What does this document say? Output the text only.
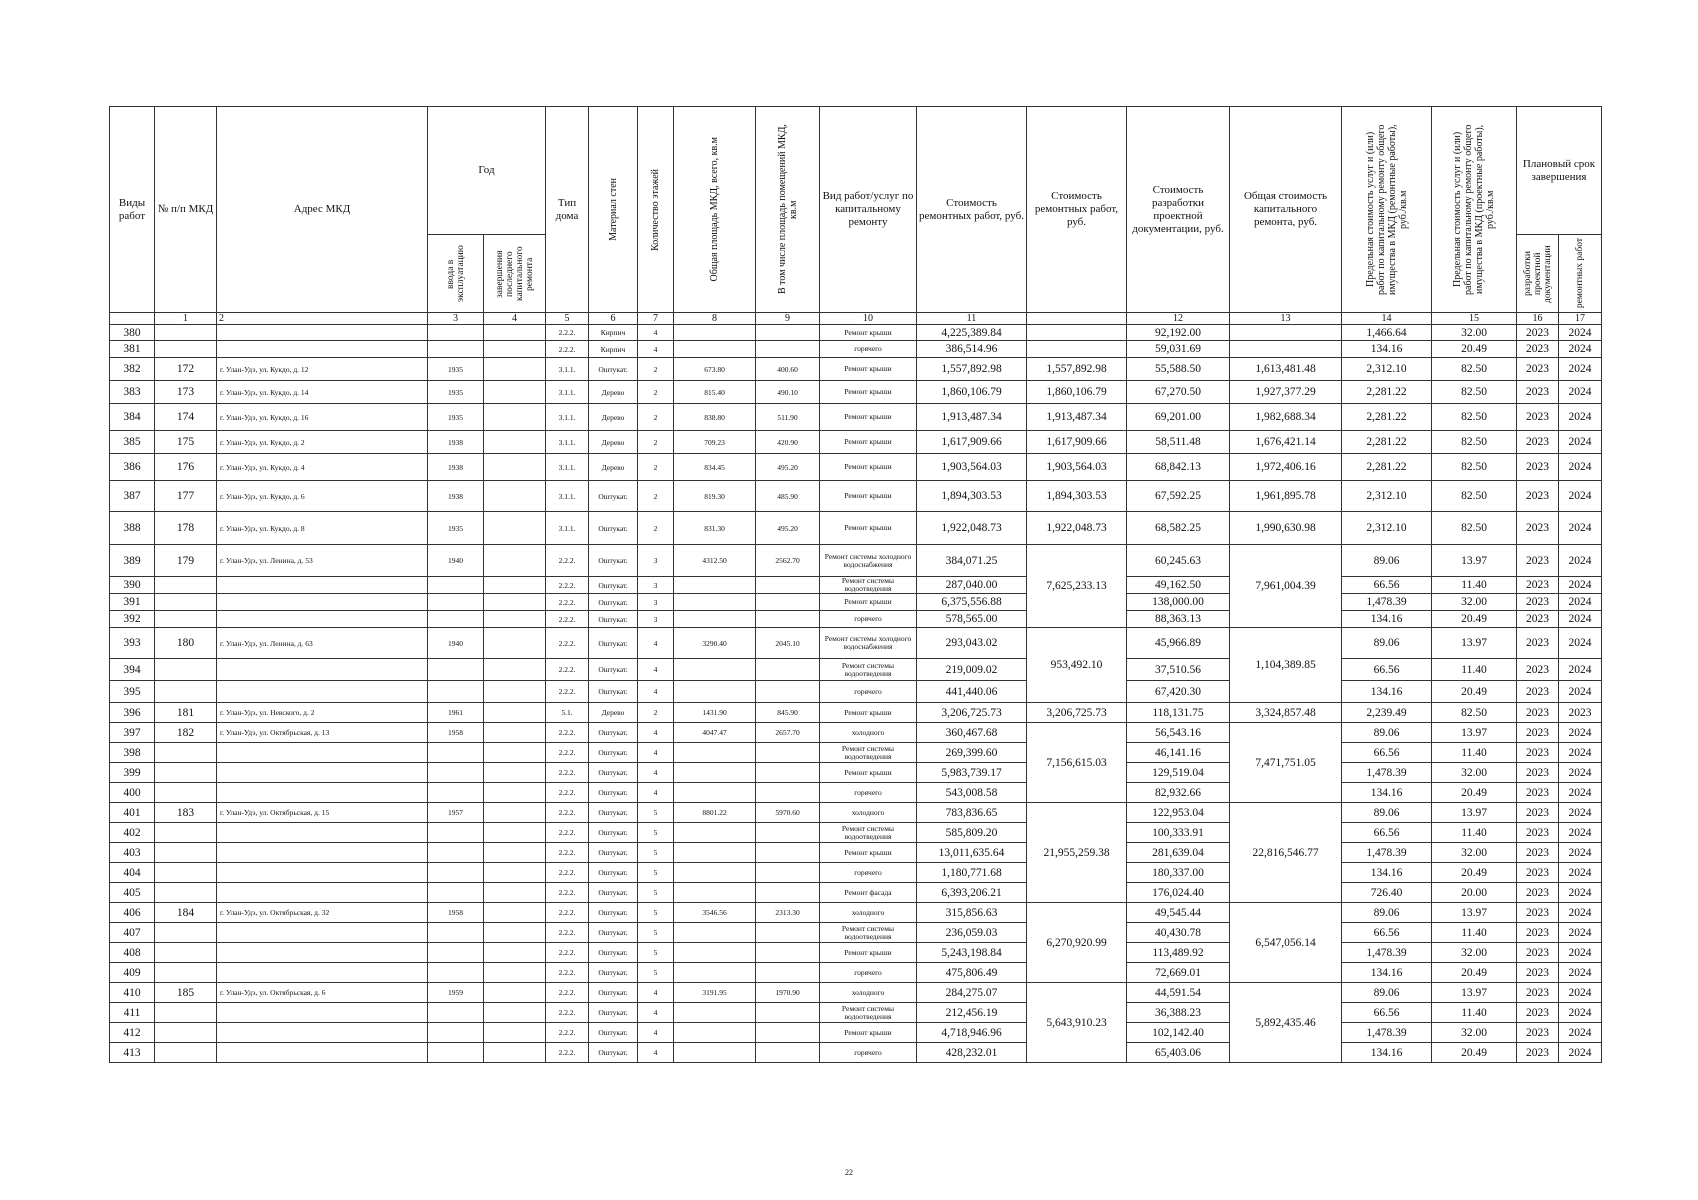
Виды работ	№ п/п МКД	Адрес МКД	Год		Тип дома	Материал стен	Количество этажей	Общая площадь МКД, всего, кв.м	В том числе площадь помещений МКД, кв.м	Вид работ/услуг по капитальному ремонту	Стоимость ремонтных работ, руб.	Стоимость ремонтных работ, руб.	Стоимость разработки проектной документации, руб.	Общая стоимость капитального ремонта, руб.	Предельная стоимость услуг и (или) работ по капитальному ремонту общего имущества в МКД (ремонтные работы), руб./кв.м	Предельная стоимость услуг и (или) работ по капитальному ремонту общего имущества в МКД (проектные работы), руб./кв.м	Плановый срок завершения	

			ввода в эксплуатацию	завершения последнего капитального ремонта													разработки проектной документации	ремонтных работ

	1	2	3	4	5	6	7	8	9	10	11		12	13	14	15	16	17
380					2.2.2.	Кирпич	4			Ремонт крыши	4,225,389.84		92,192.00		1,466.64	32.00	2023	2024
381					2.2.2.	Кирпич	4			горячего	386,514.96		59,031.69		134.16	20.49	2023	2024
382	172	г. Улан-Удэ, ул. Кукдо, д. 12	1935		3.1.1.	Оштукат.	2	673.80	400.60	Ремонт крыши	1,557,892.98	1,557,892.98	55,588.50	1,613,481.48	2,312.10	82.50	2023	2024
383	173	г. Улан-Удэ, ул. Кукдо, д. 14	1935		3.1.1.	Дерево	2	815.40	490.10	Ремонт крыши	1,860,106.79	1,860,106.79	67,270.50	1,927,377.29	2,281.22	82.50	2023	2024
384	174	г. Улан-Удэ, ул. Кукдо, д. 16	1935		3.1.1.	Дерево	2	838.80	511.90	Ремонт крыши	1,913,487.34	1,913,487.34	69,201.00	1,982,688.34	2,281.22	82.50	2023	2024
385	175	г. Улан-Удэ, ул. Кукдо, д. 2	1938		3.1.1.	Дерево	2	709.23	420.90	Ремонт крыши	1,617,909.66	1,617,909.66	58,511.48	1,676,421.14	2,281.22	82.50	2023	2024
386	176	г. Улан-Удэ, ул. Кукдо, д. 4	1938		3.1.1.	Дерево	2	834.45	495.20	Ремонт крыши	1,903,564.03	1,903,564.03	68,842.13	1,972,406.16	2,281.22	82.50	2023	2024
387	177	г. Улан-Удэ, ул. Кукдо, д. 6	1938		3.1.1.	Оштукат.	2	819.30	485.90	Ремонт крыши	1,894,303.53	1,894,303.53	67,592.25	1,961,895.78	2,312.10	82.50	2023	2024
388	178	г. Улан-Удэ, ул. Кукдо, д. 8	1935		3.1.1.	Оштукат.	2	831.30	495.20	Ремонт крыши	1,922,048.73	1,922,048.73	68,582.25	1,990,630.98	2,312.10	82.50	2023	2024
389	179	г. Улан-Удэ, ул. Ленина, д. 53	1940		2.2.2.	Оштукат.	3	4312.50	2562.70	Ремонт системы холодного водоснабжения	384,071.25	7,625,233.13	60,245.63	7,961,004.39	89.06	13.97	2023	2024
390					2.2.2.	Оштукат.	3			Ремонт системы водоотведения	287,040.00		49,162.50		66.56	11.40	2023	2024
391					2.2.2.	Оштукат.	3			Ремонт крыши	6,375,556.88		138,000.00		1,478.39	32.00	2023	2024
392					2.2.2.	Оштукат.	3			горячего	578,565.00		88,363.13		134.16	20.49	2023	2024
393	180	г. Улан-Удэ, ул. Ленина, д. 63	1940		2.2.2.	Оштукат.	4	3290.40	2045.10	Ремонт системы холодного водоснабжения	293,043.02	953,492.10	45,966.89	1,104,389.85	89.06	13.97	2023	2024
394					2.2.2.	Оштукат.	4			Ремонт системы водоотведения	219,009.02		37,510.56		66.56	11.40	2023	2024
395					2.2.2.	Оштукат.	4			горячего	441,440.06		67,420.30		134.16	20.49	2023	2024
396	181	г. Улан-Удэ, ул. Невского, д. 2	1961		5.1.	Дерево	2	1431.90	845.90	Ремонт крыши	3,206,725.73	3,206,725.73	118,131.75	3,324,857.48	2,239.49	82.50	2023	2023
397	182	г. Улан-Удэ, ул. Октябрьская, д. 13	1958		2.2.2.	Оштукат.	4	4047.47	2657.70	холодного	360,467.68	7,156,615.03	56,543.16	7,471,751.05	89.06	13.97	2023	2024
398					2.2.2.	Оштукат.	4			Ремонт системы водоотведения	269,399.60		46,141.16		66.56	11.40	2023	2024
399					2.2.2.	Оштукат.	4			Ремонт крыши	5,983,739.17		129,519.04		1,478.39	32.00	2023	2024
400					2.2.2.	Оштукат.	4			горячего	543,008.58		82,932.66		134.16	20.49	2023	2024
401	183	г. Улан-Удэ, ул. Октябрьская, д. 15	1957		2.2.2.	Оштукат.	5	8801.22	5970.60	холодного	783,836.65	21,955,259.38	122,953.04	22,816,546.77	89.06	13.97	2023	2024
402					2.2.2.	Оштукат.	5			Ремонт системы водоотведения	585,809.20		100,333.91		66.56	11.40	2023	2024
403					2.2.2.	Оштукат.	5			Ремонт крыши	13,011,635.64		281,639.04		1,478.39	32.00	2023	2024
404					2.2.2.	Оштукат.	5			горячего	1,180,771.68		180,337.00		134.16	20.49	2023	2024
405					2.2.2.	Оштукат.	5			Ремонт фасада	6,393,206.21		176,024.40		726.40	20.00	2023	2024
406	184	г. Улан-Удэ, ул. Октябрьская, д. 32	1958		2.2.2.	Оштукат.	5	3546.56	2313.30	холодного	315,856.63	6,270,920.99	49,545.44	6,547,056.14	89.06	13.97	2023	2024
407					2.2.2.	Оштукат.	5			Ремонт системы водоотведения	236,059.03		40,430.78		66.56	11.40	2023	2024
408					2.2.2.	Оштукат.	5			Ремонт крыши	5,243,198.84		113,489.92		1,478.39	32.00	2023	2024
409					2.2.2.	Оштукат.	5			горячего	475,806.49		72,669.01		134.16	20.49	2023	2024
410	185	г. Улан-Удэ, ул. Октябрьская, д. 6	1959		2.2.2.	Оштукат.	4	3191.95	1970.90	холодного	284,275.07	5,643,910.23	44,591.54	5,892,435.46	89.06	13.97	2023	2024
411					2.2.2.	Оштукат.	4			Ремонт системы водоотведения	212,456.19		36,388.23		66.56	11.40	2023	2024
412					2.2.2.	Оштукат.	4			Ремонт крыши	4,718,946.96		102,142.40		1,478.39	32.00	2023	2024
413					2.2.2.	Оштукат.	4			горячего	428,232.01		65,403.06		134.16	20.49	2023	2024
22
